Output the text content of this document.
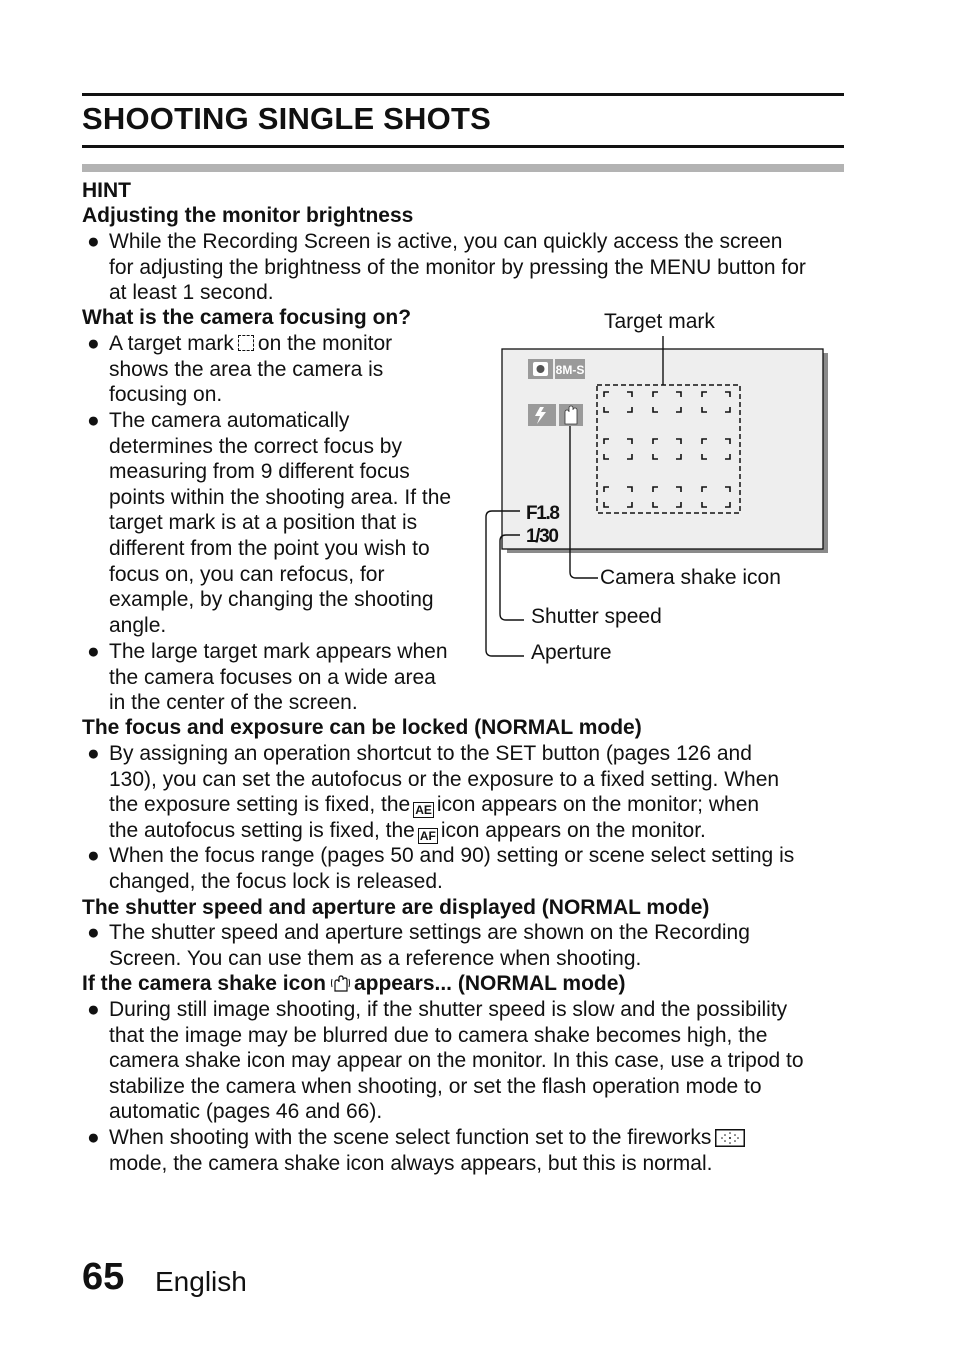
SHOOTING SINGLE SHOTS
HINT
Adjusting the monitor brightness
● While the Recording Screen is active, you can quickly access the screen
for adjusting the brightness of the monitor by pressing the MENU button for
at least 1 second.
What is the camera focusing on?
● A target mark on the monitor
shows the area the camera is
focusing on.
● The camera automatically
determines the correct focus by
measuring from 9 different focus
points within the shooting area. If the
target mark is at a position that is
different from the point you wish to
focus on, you can refocus, for
example, by changing the shooting
angle.
● The large target mark appears when
the camera focuses on a wide area
in the center of the screen.
Target mark
Camera shake icon
Shutter speed
Aperture
8M-S
F1.8
1/30
The focus and exposure can be locked (NORMAL mode)
● By assigning an operation shortcut to the SET button (pages 126 and
130), you can set the autofocus or the exposure to a fixed setting. When
the exposure setting is fixed, the AE icon appears on the monitor; when
the autofocus setting is fixed, the AF icon appears on the monitor.
● When the focus range (pages 50 and 90) setting or scene select setting is
changed, the focus lock is released.
The shutter speed and aperture are displayed (NORMAL mode)
● The shutter speed and aperture settings are shown on the Recording
Screen. You can use them as a reference when shooting.
If the camera shake icon appears... (NORMAL mode)
● During still image shooting, if the shutter speed is slow and the possibility
that the image may be blurred due to camera shake becomes high, the
camera shake icon may appear on the monitor. In this case, use a tripod to
stabilize the camera when shooting, or set the flash operation mode to
automatic (pages 46 and 66).
● When shooting with the scene select function set to the fireworks
mode, the camera shake icon always appears, but this is normal.
65 English
